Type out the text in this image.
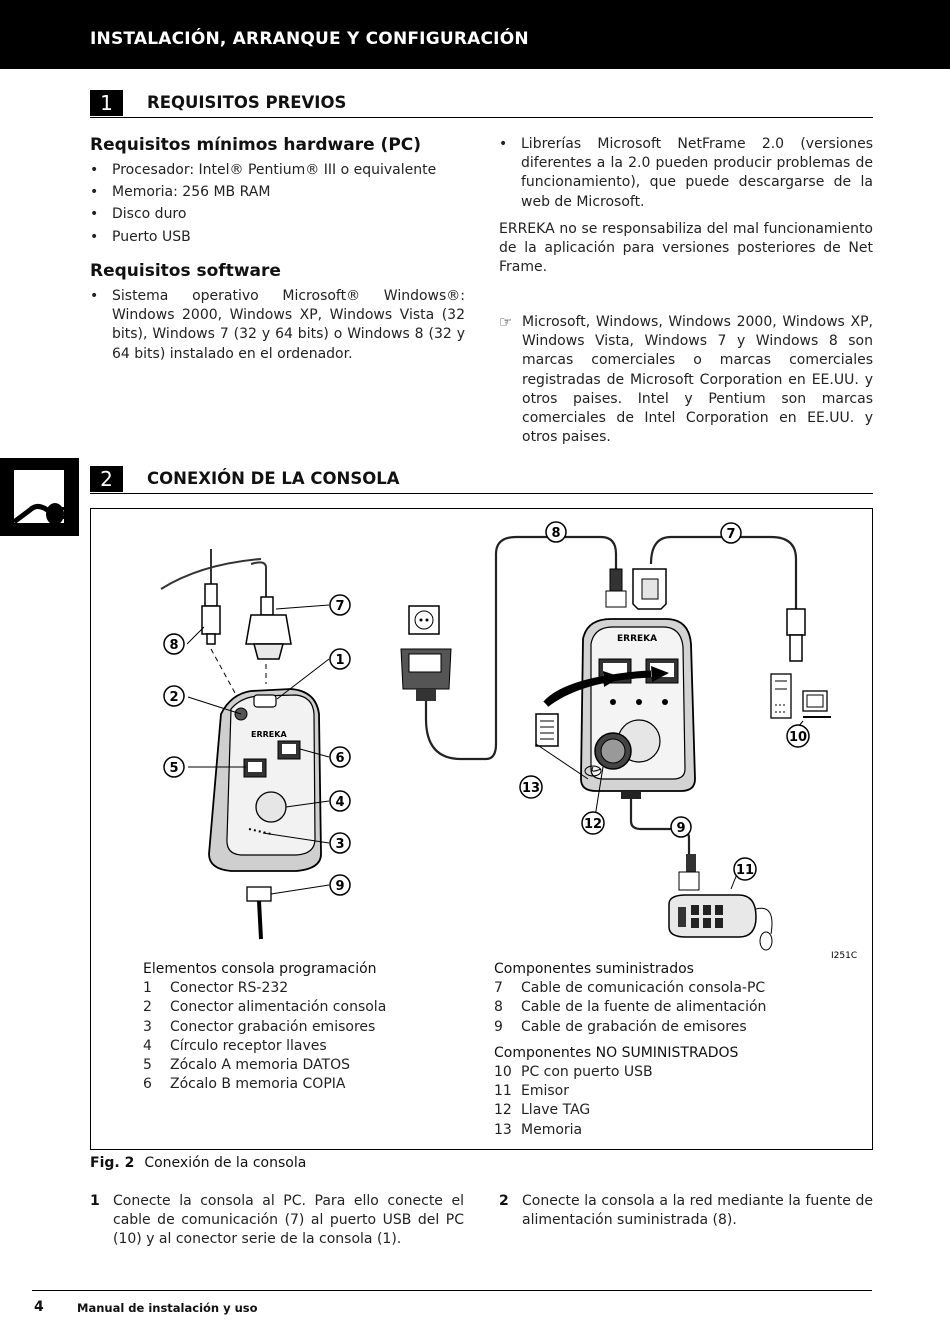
INSTALACIÓN, ARRANQUE Y CONFIGURACIÓN
1	REQUISITOS PREVIOS
Requisitos mínimos hardware (PC)
• Procesador: Intel® Pentium® III o equivalente
• Memoria: 256 MB RAM
• Disco duro
• Puerto USB
Requisitos software
• Sistema operativo Microsoft® Windows®: Windows 2000, Windows XP, Windows Vista (32 bits), Windows 7 (32 y 64 bits) o Windows 8 (32 y 64 bits) instalado en el ordenador.
• Librerías Microsoft NetFrame 2.0 (versiones diferentes a la 2.0 pueden producir problemas de funcionamiento), que puede descargarse de la web de Microsoft.
ERREKA no se responsabiliza del mal funcionamiento de la aplicación para versiones posteriores de Net Frame.
☞ Microsoft, Windows, Windows 2000, Windows XP, Windows Vista, Windows 7 y Windows 8 son marcas comerciales o marcas comerciales registradas de Microsoft Corporation en EE.UU. y otros paises. Intel y Pentium son marcas comerciales de Intel Corporation en EE.UU. y otros paises.
2	CONEXIÓN DE LA CONSOLA
ERREKA
ERREKA
8
2
5
7
1
6
4
3
9
8	7
10
13
12	9
11
I251C
Elementos consola programación
1 Conector RS-232
2 Conector alimentación consola
3 Conector grabación emisores
4 Círculo receptor llaves
5 Zócalo A memoria DATOS
6 Zócalo B memoria COPIA
Componentes suministrados
7 Cable de comunicación consola-PC
8 Cable de la fuente de alimentación
9 Cable de grabación de emisores
Componentes NO SUMINISTRADOS
10 PC con puerto USB
11 Emisor
12 Llave TAG
13 Memoria
Fig. 2 Conexión de la consola
1 Conecte la consola al PC. Para ello conecte el cable de comunicación (7) al puerto USB del PC (10) y al conector serie de la consola (1).
2 Conecte la consola a la red mediante la fuente de alimentación suministrada (8).
4	Manual de instalación y uso
